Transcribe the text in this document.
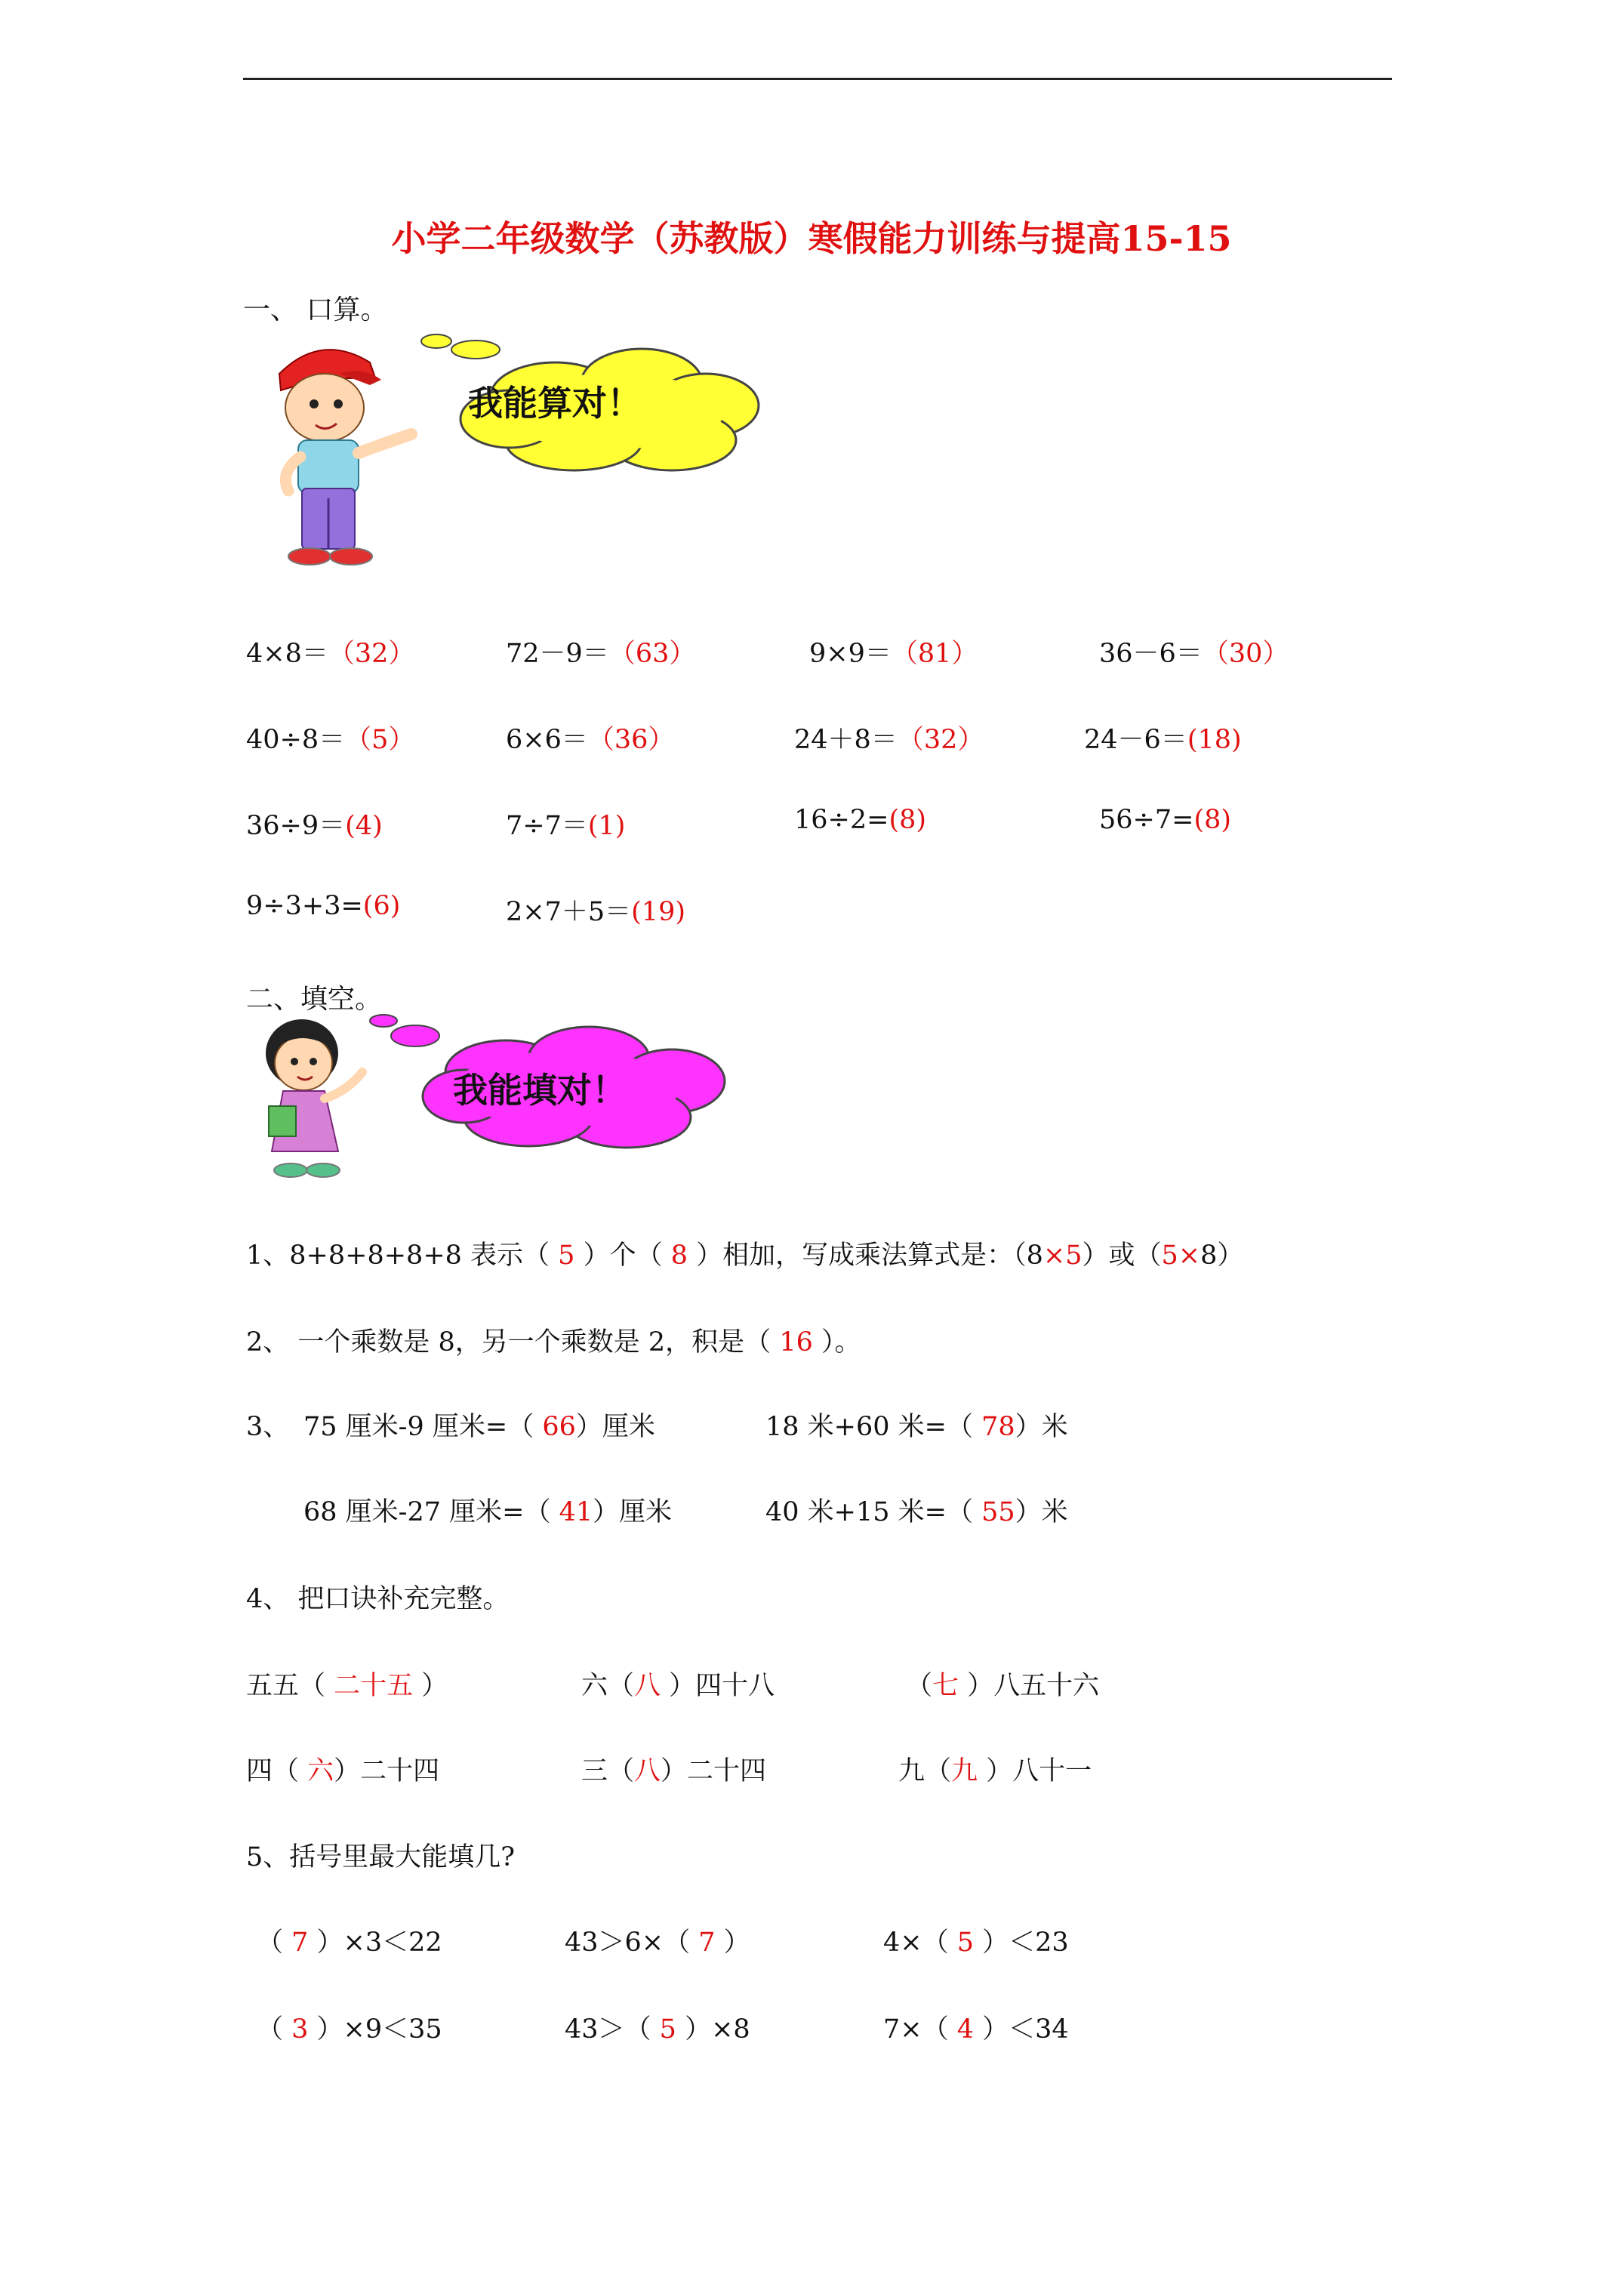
小学二年级数学（苏教版）寒假能力训练与提高15-15
一、 口算。
我能算对！
4×8＝（32）	72－9＝（63）	9×9＝（81）	36－6＝（30）
40÷8＝（5）	6×6＝（36）	24＋8＝（32）	24－6＝(18)
36÷9＝(4)	7÷7＝(1)	16÷2=(8)	56÷7=(8)
9÷3+3=(6)	2×7＋5＝(19)
二、填空。
我能填对！
1、8+8+8+8+8 表示（ 5 ）个（ 8 ）相加，写成乘法算式是：（8×5）或（5×8）
2、 一个乘数是 8，另一个乘数是 2，积是（ 16 ）。
3、 75 厘米-9 厘米=（ 66）厘米	18 米+60 米=（ 78）米
68 厘米-27 厘米=（ 41）厘米	40 米+15 米=（ 55）米
4、 把口诀补充完整。
五五（ 二十五 ）	六（八 ）四十八	（七 ）八五十六
四（ 六）二十四	三（八）二十四	九（九 ）八十一
5、括号里最大能填几?
（ 7 ）×3＜22	43＞6×（ 7 ）	4×（ 5 ）＜23
（ 3 ）×9＜35	43＞（ 5 ）×8	7×（ 4 ）＜34
